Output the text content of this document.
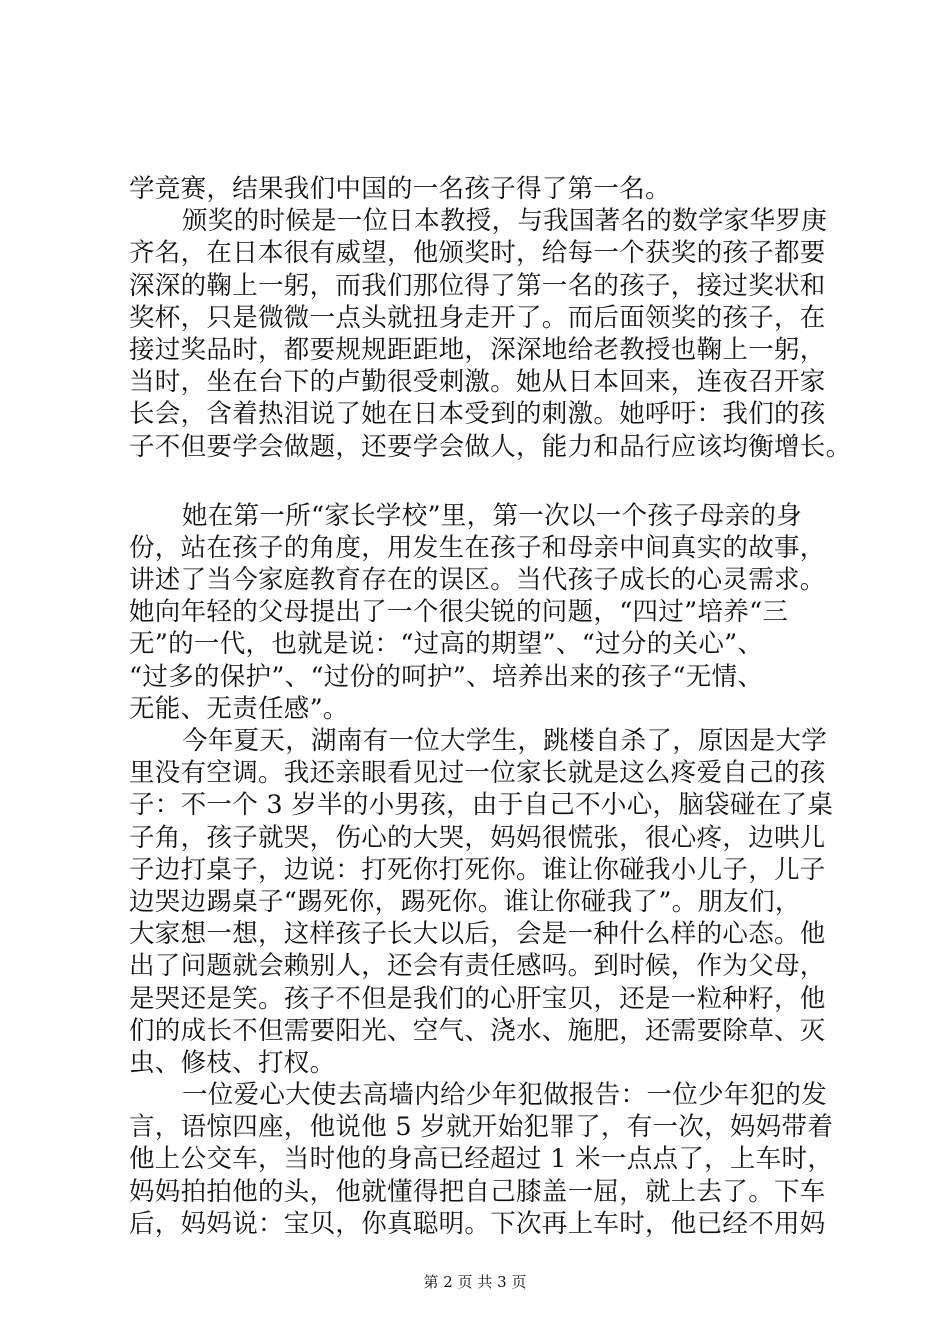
学竞赛，结果我们中国的一名孩子得了第一名。
颁奖的时候是一位日本教授，与我国著名的数学家华罗庚
齐名，在日本很有威望，他颁奖时，给每一个获奖的孩子都要
深深的鞠上一躬，而我们那位得了第一名的孩子，接过奖状和
奖杯，只是微微一点头就扭身走开了。而后面领奖的孩子，在
接过奖品时，都要规规距距地，深深地给老教授也鞠上一躬，
当时，坐在台下的卢勤很受刺激。她从日本回来，连夜召开家
长会，含着热泪说了她在日本受到的刺激。她呼吁：我们的孩
子不但要学会做题，还要学会做人，能力和品行应该均衡增长。
她在第一所“家长学校”里，第一次以一个孩子母亲的身
份，站在孩子的角度，用发生在孩子和母亲中间真实的故事，
讲述了当今家庭教育存在的误区。当代孩子成长的心灵需求。
她向年轻的父母提出了一个很尖锐的问题，“四过”培养“三
无”的一代，也就是说：“过高的期望”、“过分的关心”、
“过多的保护”、“过份的呵护”、培养出来的孩子“无情、
无能、无责任感”。
今年夏天，湖南有一位大学生，跳楼自杀了，原因是大学
里没有空调。我还亲眼看见过一位家长就是这么疼爱自己的孩
子：不一个 3 岁半的小男孩，由于自己不小心，脑袋碰在了桌
子角，孩子就哭，伤心的大哭，妈妈很慌张，很心疼，边哄儿
子边打桌子，边说：打死你打死你。谁让你碰我小儿子，儿子
边哭边踢桌子“踢死你，踢死你。谁让你碰我了”。朋友们，
大家想一想，这样孩子长大以后，会是一种什么样的心态。他
出了问题就会赖别人，还会有责任感吗。到时候，作为父母，
是哭还是笑。孩子不但是我们的心肝宝贝，还是一粒种籽，他
们的成长不但需要阳光、空气、浇水、施肥，还需要除草、灭
虫、修枝、打杈。
一位爱心大使去高墙内给少年犯做报告：一位少年犯的发
言，语惊四座，他说他 5 岁就开始犯罪了，有一次，妈妈带着
他上公交车，当时他的身高已经超过 1 米一点点了，上车时，
妈妈拍拍他的头，他就懂得把自己膝盖一屈，就上去了。下车
后，妈妈说：宝贝，你真聪明。下次再上车时，他已经不用妈
第 2 页 共 3 页
